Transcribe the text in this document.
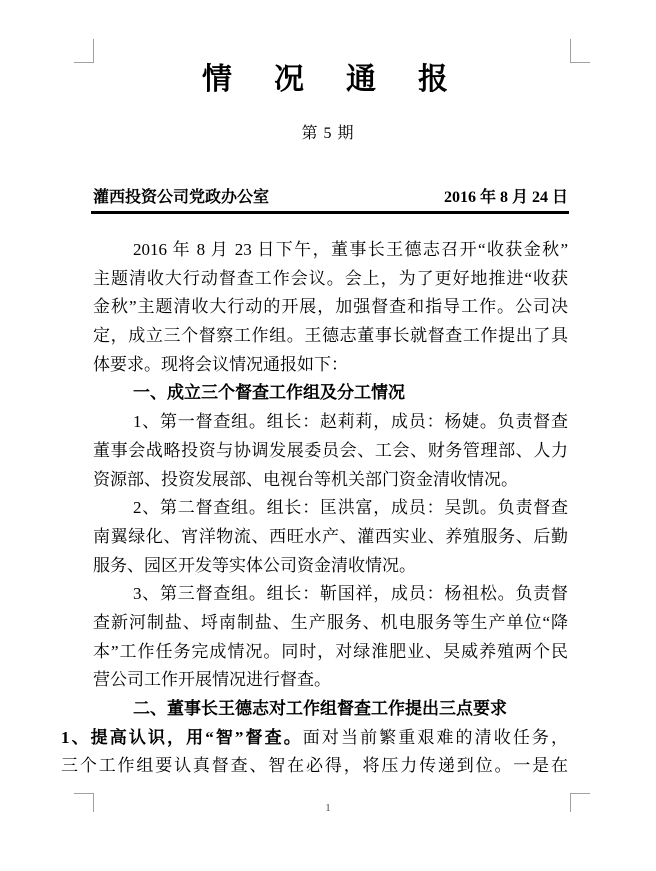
情　况　通　报
第 5 期
灌西投资公司党政办公室	2016 年 8 月 24 日
2016 年 8 月 23 日下午，董事长王德志召开“收获金秋”
主题清收大行动督查工作会议。会上，为了更好地推进“收获
金秋”主题清收大行动的开展，加强督查和指导工作。公司决
定，成立三个督察工作组。王德志董事长就督查工作提出了具
体要求。现将会议情况通报如下：
一、成立三个督查工作组及分工情况
1、第一督查组。组长：赵莉莉，成员：杨婕。负责督查
董事会战略投资与协调发展委员会、工会、财务管理部、人力
资源部、投资发展部、电视台等机关部门资金清收情况。
2、第二督查组。组长：匡洪富，成员：吴凯。负责督查
南翼绿化、宵洋物流、西旺水产、灌西实业、养殖服务、后勤
服务、园区开发等实体公司资金清收情况。
3、第三督查组。组长：靳国祥，成员：杨祖松。负责督
查新河制盐、埒南制盐、生产服务、机电服务等生产单位“降
本”工作任务完成情况。同时，对绿淮肥业、旲威养殖两个民
营公司工作开展情况进行督查。
二、董事长王德志对工作组督查工作提出三点要求
1、提高认识，用“智”督查。面对当前繁重艰难的清收任务，
三个工作组要认真督查、智在必得，将压力传递到位。一是在
1
